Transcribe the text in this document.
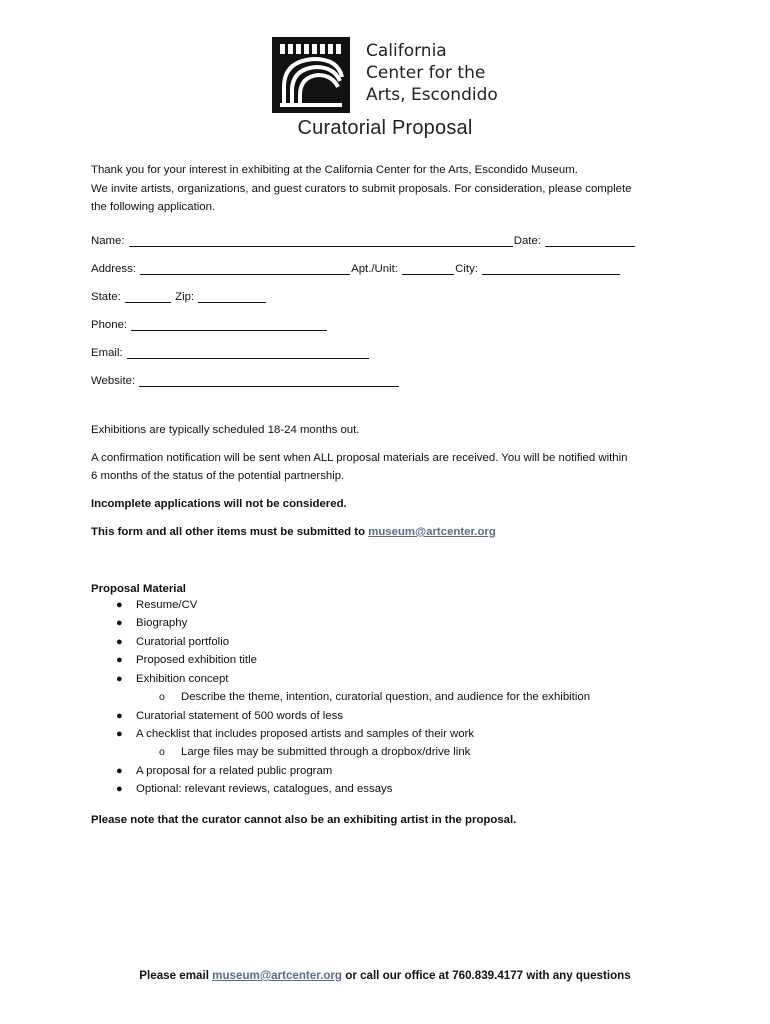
California
Center for the
Arts, Escondido
Curatorial Proposal
Thank you for your interest in exhibiting at the California Center for the Arts, Escondido Museum.
We invite artists, organizations, and guest curators to submit proposals. For consideration, please complete
the following application.
Name:	Date:
Address:	Apt./Unit:	City:
State:	Zip:
Phone:
Email:
Website:
Exhibitions are typically scheduled 18-24 months out.
A confirmation notification will be sent when ALL proposal materials are received. You will be notified within
6 months of the status of the potential partnership.
Incomplete applications will not be considered.
This form and all other items must be submitted to museum@artcenter.org
Proposal Material
● Resume/CV
● Biography
● Curatorial portfolio
● Proposed exhibition title
● Exhibition concept
o Describe the theme, intention, curatorial question, and audience for the exhibition
● Curatorial statement of 500 words of less
● A checklist that includes proposed artists and samples of their work
o Large files may be submitted through a dropbox/drive link
● A proposal for a related public program
● Optional: relevant reviews, catalogues, and essays
Please note that the curator cannot also be an exhibiting artist in the proposal.
Please email museum@artcenter.org or call our office at 760.839.4177 with any questions
